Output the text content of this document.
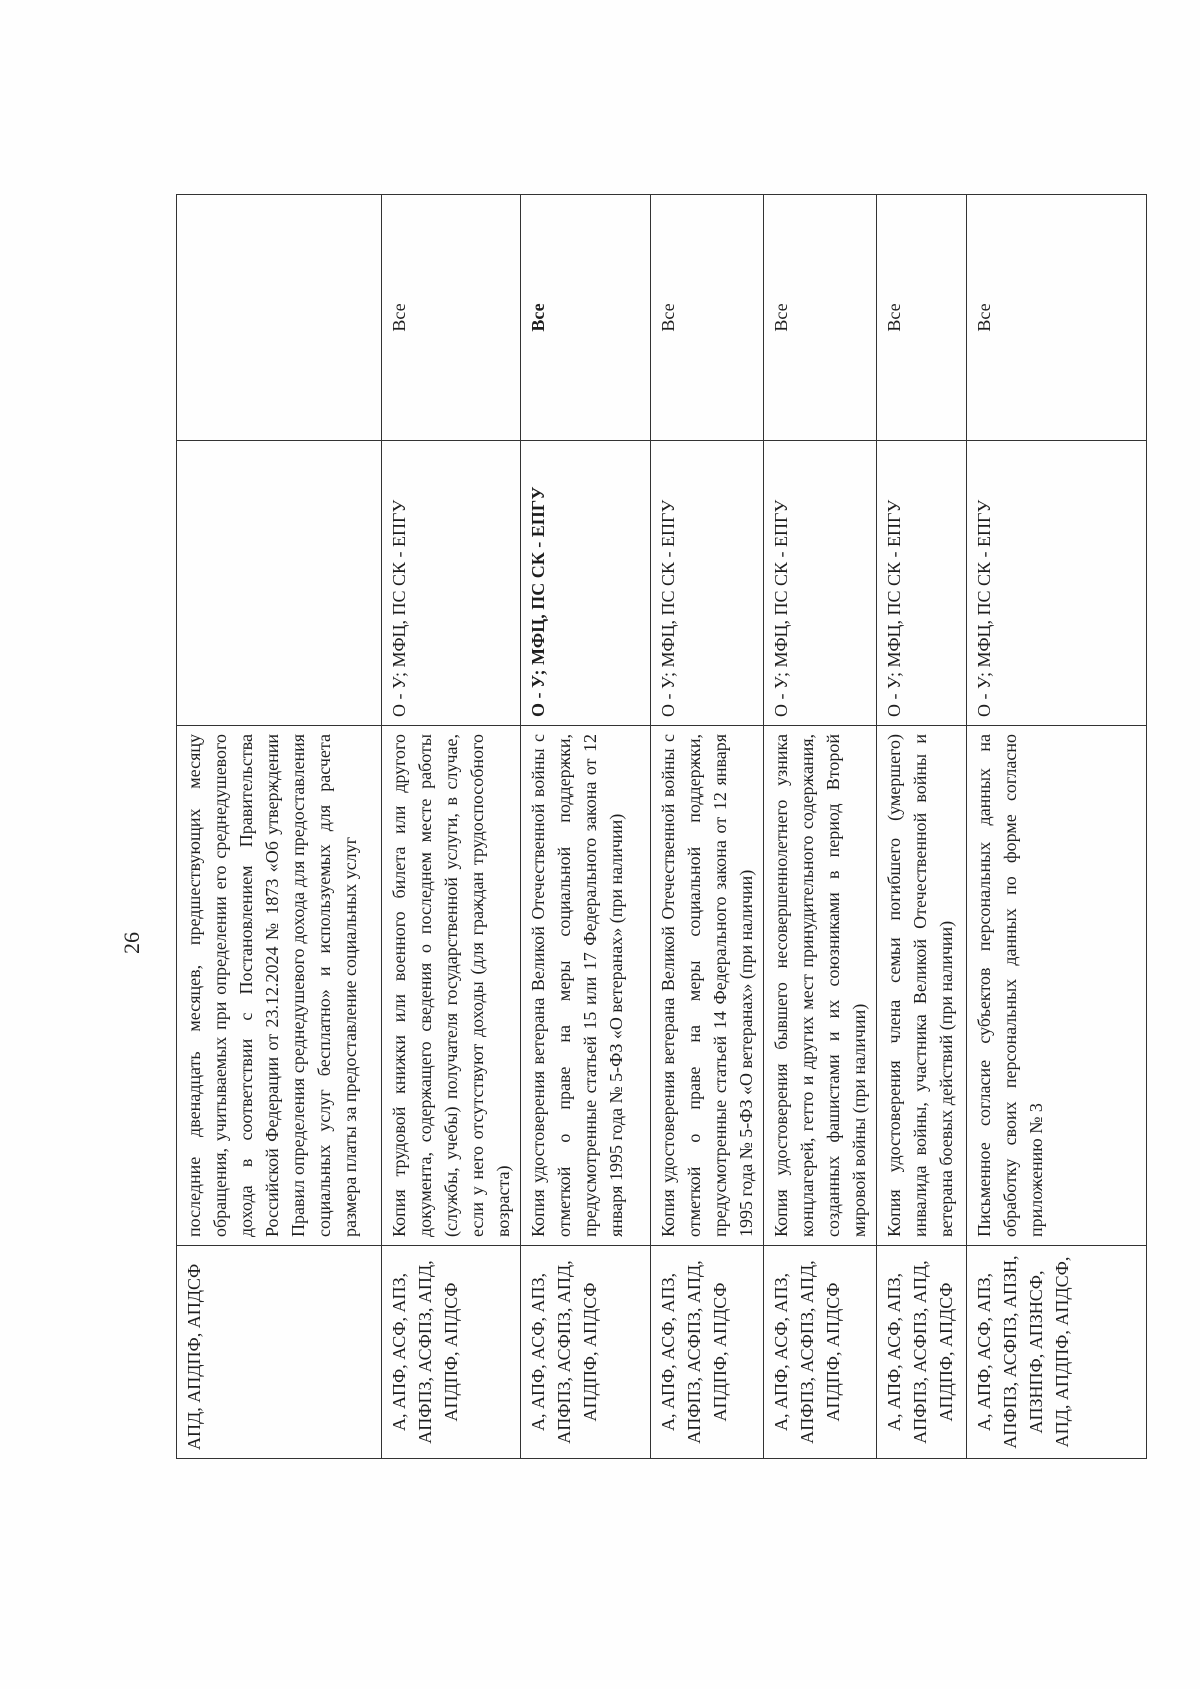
26
АПД, АПДПФ, АПДСФ	последние двенадцать месяцев, предшествующих месяцу обращения, учитываемых при определении его среднедушевого дохода в соответствии с Постановлением Правительства Российской Федерации от 23.12.2024 № 1873 «Об утверждении Правил определения среднедушевого дохода для предоставления социальных услуг бесплатно» и используемых для расчета размера платы за предоставление социальных услуг		
А, АПФ, АСФ, АПЗ, АПФПЗ, АСФПЗ, АПД, АПДПФ, АПДСФ	Копия трудовой книжки или военного билета или другого документа, содержащего сведения о последнем месте работы (службы, учебы) получателя государственной услуги, в случае, если у него отсутствуют доходы (для граждан трудоспособного возраста)	О - У; МФЦ, ПС СК - ЕПГУ	Все
А, АПФ, АСФ, АПЗ, АПФПЗ, АСФПЗ, АПД, АПДПФ, АПДСФ	Копия удостоверения ветерана Великой Отечественной войны с отметкой о праве на меры социальной поддержки, предусмотренные статьей 15 или 17 Федерального закона от 12 января 1995 года № 5-ФЗ «О ветеранах» (при наличии)	О - У; МФЦ, ПС СК - ЕПГУ	Все
А, АПФ, АСФ, АПЗ, АПФПЗ, АСФПЗ, АПД, АПДПФ, АПДСФ	Копия удостоверения ветерана Великой Отечественной войны с отметкой о праве на меры социальной поддержки, предусмотренные статьей 14 Федерального закона от 12 января 1995 года № 5-ФЗ «О ветеранах» (при наличии)	О - У; МФЦ, ПС СК - ЕПГУ	Все
А, АПФ, АСФ, АПЗ, АПФПЗ, АСФПЗ, АПД, АПДПФ, АПДСФ	Копия удостоверения бывшего несовершеннолетнего узника концлагерей, гетто и других мест принудительного содержания, созданных фашистами и их союзниками в период Второй мировой войны (при наличии)	О - У; МФЦ, ПС СК - ЕПГУ	Все
А, АПФ, АСФ, АПЗ, АПФПЗ, АСФПЗ, АПД, АПДПФ, АПДСФ	Копия удостоверения члена семьи погибшего (умершего) инвалида войны, участника Великой Отечественной войны и ветерана боевых действий (при наличии)	О - У; МФЦ, ПС СК - ЕПГУ	Все
А, АПФ, АСФ, АПЗ, АПФПЗ, АСФПЗ, АПЗН, АПЗНПФ, АПЗНСФ, АПД, АПДПФ, АПДСФ,	Письменное согласие субъектов персональных данных на обработку своих персональных данных по форме согласно приложению № 3	О - У; МФЦ, ПС СК - ЕПГУ	Все
